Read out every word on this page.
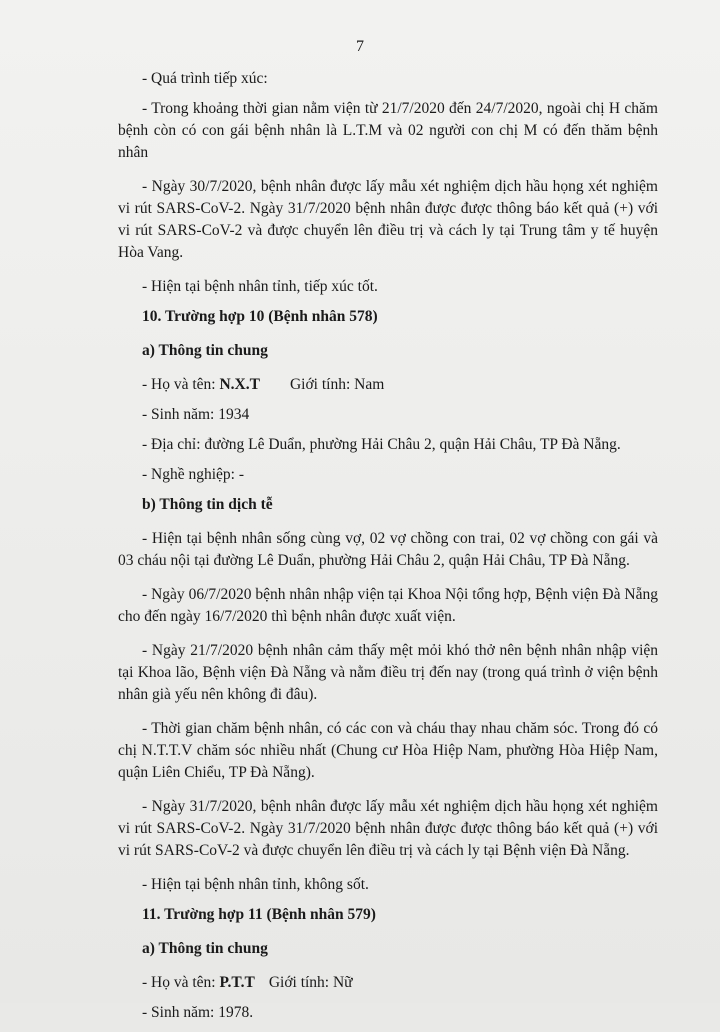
7

- Quá trình tiếp xúc:

- Trong khoảng thời gian nằm viện từ 21/7/2020 đến 24/7/2020, ngoài chị H chăm bệnh còn có con gái bệnh nhân là L.T.M và 02 người con chị M có đến thăm bệnh nhân

- Ngày 30/7/2020, bệnh nhân được lấy mẫu xét nghiệm dịch hầu họng xét nghiệm vi rút SARS-CoV-2. Ngày 31/7/2020 bệnh nhân được được thông báo kết quả (+) với vi rút SARS-CoV-2 và được chuyển lên điều trị và cách ly tại Trung tâm y tế huyện Hòa Vang.

- Hiện tại bệnh nhân tỉnh, tiếp xúc tốt.

10. Trường hợp 10 (Bệnh nhân 578)

a) Thông tin chung

- Họ và tên: N.X.T Giới tính: Nam

- Sinh năm: 1934

- Địa chỉ: đường Lê Duẩn, phường Hải Châu 2, quận Hải Châu, TP Đà Nẵng.

- Nghề nghiệp: -

b) Thông tin dịch tễ

- Hiện tại bệnh nhân sống cùng vợ, 02 vợ chồng con trai, 02 vợ chồng con gái và 03 cháu nội tại đường Lê Duẩn, phường Hải Châu 2, quận Hải Châu, TP Đà Nẵng.

- Ngày 06/7/2020 bệnh nhân nhập viện tại Khoa Nội tổng hợp, Bệnh viện Đà Nẵng cho đến ngày 16/7/2020 thì bệnh nhân được xuất viện.

- Ngày 21/7/2020 bệnh nhân cảm thấy mệt mỏi khó thở nên bệnh nhân nhập viện tại Khoa lão, Bệnh viện Đà Nẵng và nằm điều trị đến nay (trong quá trình ở viện bệnh nhân già yếu nên không đi đâu).

- Thời gian chăm bệnh nhân, có các con và cháu thay nhau chăm sóc. Trong đó có chị N.T.T.V chăm sóc nhiều nhất (Chung cư Hòa Hiệp Nam, phường Hòa Hiệp Nam, quận Liên Chiểu, TP Đà Nẵng).

- Ngày 31/7/2020, bệnh nhân được lấy mẫu xét nghiệm dịch hầu họng xét nghiệm vi rút SARS-CoV-2. Ngày 31/7/2020 bệnh nhân được được thông báo kết quả (+) với vi rút SARS-CoV-2 và được chuyển lên điều trị và cách ly tại Bệnh viện Đà Nẵng.

- Hiện tại bệnh nhân tỉnh, không sốt.

11. Trường hợp 11 (Bệnh nhân 579)

a) Thông tin chung

- Họ và tên: P.T.T Giới tính: Nữ

- Sinh năm: 1978.
